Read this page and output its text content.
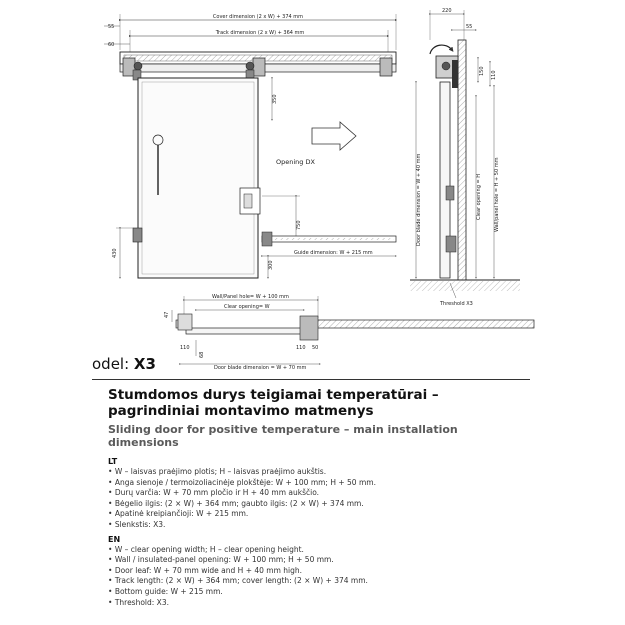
Cover dimension (2 x W) + 374 mm
Track dimension (2 x W) + 364 mm
55
60
350
750
430	Guide dimension: W + 215 mm
300
Opening DX
220
55
Door blade dimension = W + 40 mm	Clear opening = H Wall/panel hole = H + 50 mm
150 110
Threshold X3
Wall/Panel hole= W + 100 mm
Clear opening= W
47
68
110	110 50
Door blade dimension = W + 70 mm
odel: X3
Stumdomos durys teigiamai temperatūrai – pagrindiniai montavimo matmenys
Sliding door for positive temperature – main installation dimensions
LT
• W – laisvas praėjimo plotis; H – laisvas praėjimo aukštis.
• Anga sienoje / termoizoliacinėje plokštėje: W + 100 mm; H + 50 mm.
• Durų varčia: W + 70 mm pločio ir H + 40 mm aukščio.
• Bėgelio ilgis: (2 × W) + 364 mm; gaubto ilgis: (2 × W) + 374 mm.
• Apatinė kreipiančioji: W + 215 mm.
• Slenkstis: X3.
EN
• W – clear opening width; H – clear opening height.
• Wall / insulated-panel opening: W + 100 mm; H + 50 mm.
• Door leaf: W + 70 mm wide and H + 40 mm high.
• Track length: (2 × W) + 364 mm; cover length: (2 × W) + 374 mm.
• Bottom guide: W + 215 mm.
• Threshold: X3.
